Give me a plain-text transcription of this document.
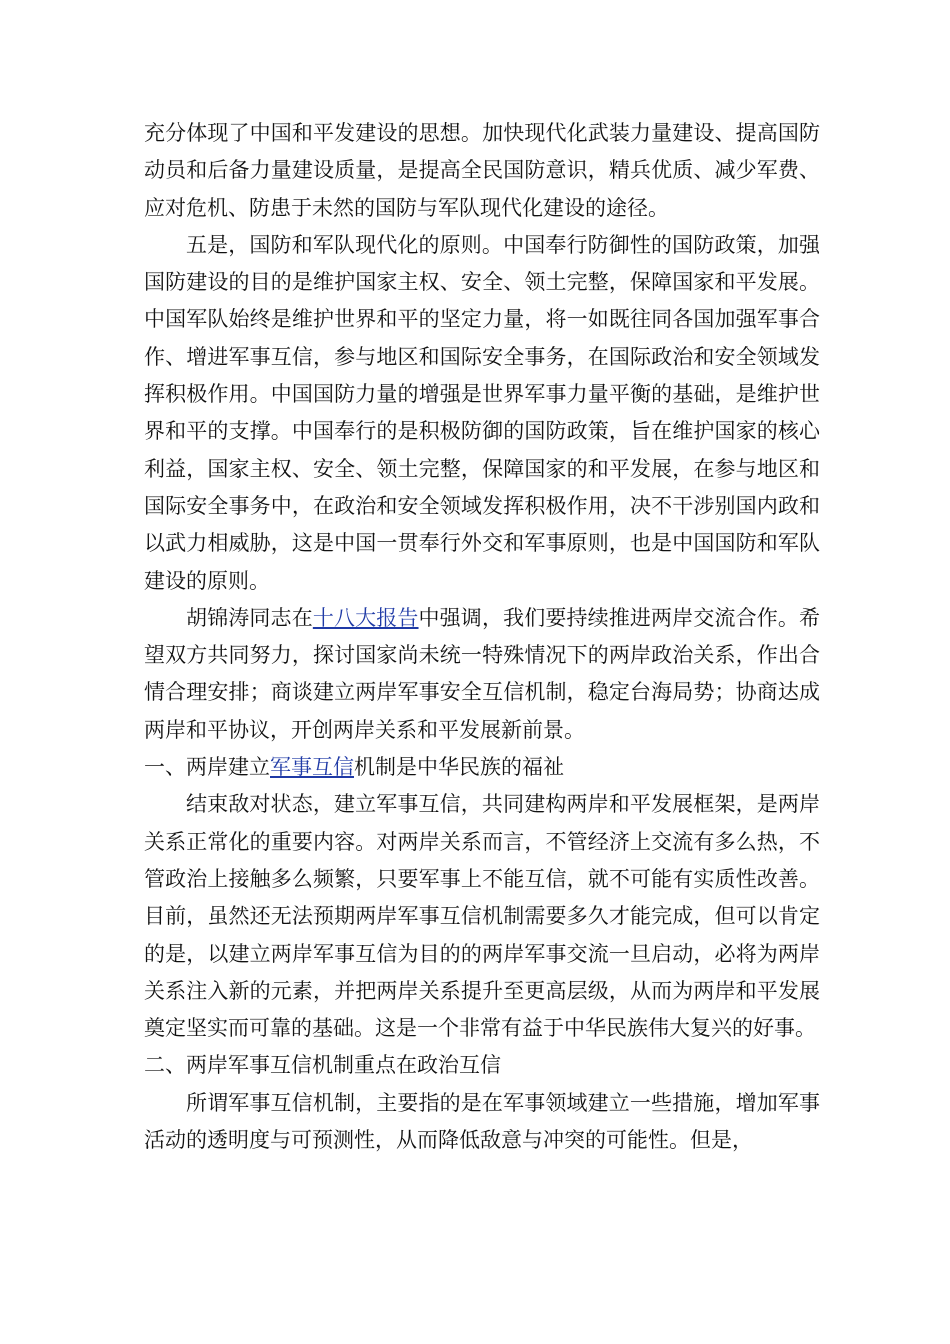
充分体现了中国和平发建设的思想。加快现代化武装力量建设、提高国防动员和后备力量建设质量，是提高全民国防意识，精兵优质、减少军费、应对危机、防患于未然的国防与军队现代化建设的途径。

五是，国防和军队现代化的原则。中国奉行防御性的国防政策，加强国防建设的目的是维护国家主权、安全、领土完整，保障国家和平发展。中国军队始终是维护世界和平的坚定力量，将一如既往同各国加强军事合作、增进军事互信，参与地区和国际安全事务，在国际政治和安全领域发挥积极作用。中国国防力量的增强是世界军事力量平衡的基础，是维护世界和平的支撑。中国奉行的是积极防御的国防政策，旨在维护国家的核心利益，国家主权、安全、领土完整，保障国家的和平发展，在参与地区和国际安全事务中，在政治和安全领域发挥积极作用，决不干涉别国内政和以武力相威胁，这是中国一贯奉行外交和军事原则，也是中国国防和军队建设的原则。

胡锦涛同志在十八大报告中强调，我们要持续推进两岸交流合作。希望双方共同努力，探讨国家尚未统一特殊情况下的两岸政治关系，作出合情合理安排；商谈建立两岸军事安全互信机制，稳定台海局势；协商达成两岸和平协议，开创两岸关系和平发展新前景。

一、两岸建立军事互信机制是中华民族的福祉

结束敌对状态，建立军事互信，共同建构两岸和平发展框架，是两岸关系正常化的重要内容。对两岸关系而言，不管经济上交流有多么热，不管政治上接触多么频繁，只要军事上不能互信，就不可能有实质性改善。目前，虽然还无法预期两岸军事互信机制需要多久才能完成，但可以肯定的是，以建立两岸军事互信为目的的两岸军事交流一旦启动，必将为两岸关系注入新的元素，并把两岸关系提升至更高层级，从而为两岸和平发展奠定坚实而可靠的基础。这是一个非常有益于中华民族伟大复兴的好事。

二、两岸军事互信机制重点在政治互信

所谓军事互信机制，主要指的是在军事领域建立一些措施，增加军事活动的透明度与可预测性，从而降低敌意与冲突的可能性。但是，
